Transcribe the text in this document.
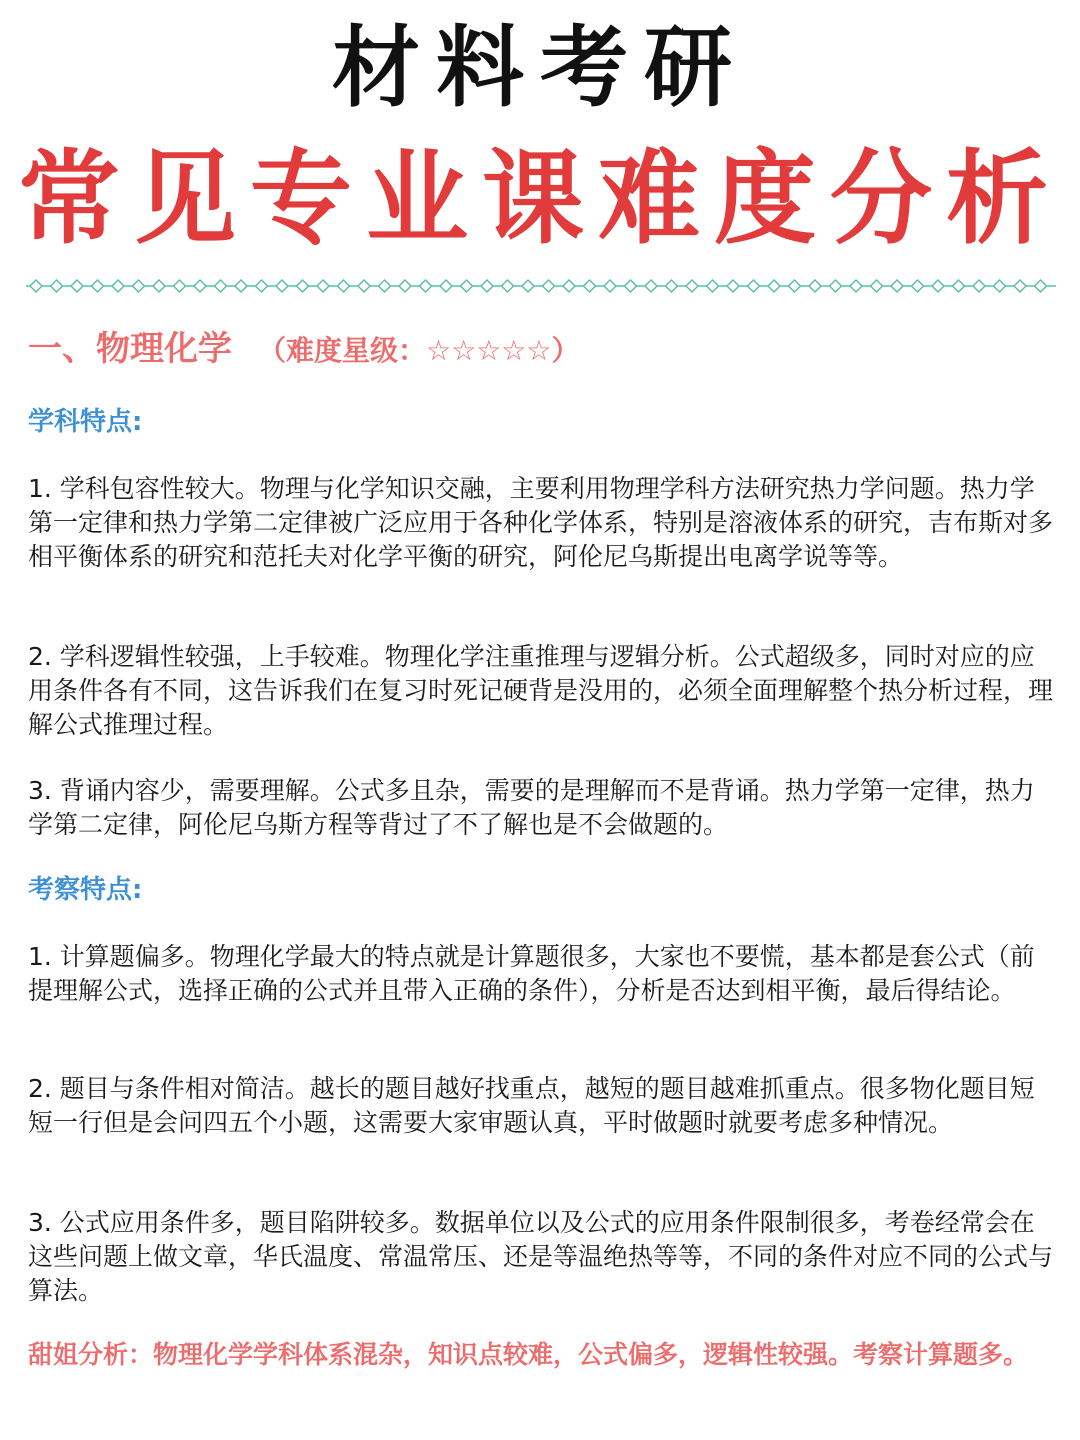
材料考研
常见专业课难度分析
一、物理化学 （难度星级：☆☆☆☆☆）
学科特点:
1. 学科包容性较大。物理与化学知识交融，主要利用物理学科方法研究热力学问题。热力学第一定律和热力学第二定律被广泛应用于各种化学体系，特别是溶液体系的研究，吉布斯对多相平衡体系的研究和范托夫对化学平衡的研究，阿伦尼乌斯提出电离学说等等。
2. 学科逻辑性较强，上手较难。物理化学注重推理与逻辑分析。公式超级多，同时对应的应用条件各有不同，这告诉我们在复习时死记硬背是没用的，必须全面理解整个热分析过程，理解公式推理过程。
3. 背诵内容少，需要理解。公式多且杂，需要的是理解而不是背诵。热力学第一定律，热力学第二定律，阿伦尼乌斯方程等背过了不了解也是不会做题的。
考察特点:
1. 计算题偏多。物理化学最大的特点就是计算题很多，大家也不要慌，基本都是套公式（前提理解公式，选择正确的公式并且带入正确的条件），分析是否达到相平衡，最后得结论。
2. 题目与条件相对简洁。越长的题目越好找重点，越短的题目越难抓重点。很多物化题目短短一行但是会问四五个小题，这需要大家审题认真，平时做题时就要考虑多种情况。
3. 公式应用条件多，题目陷阱较多。数据单位以及公式的应用条件限制很多，考卷经常会在这些问题上做文章，华氏温度、常温常压、还是等温绝热等等，不同的条件对应不同的公式与算法。
甜姐分析：物理化学学科体系混杂，知识点较难，公式偏多，逻辑性较强。考察计算题多。
